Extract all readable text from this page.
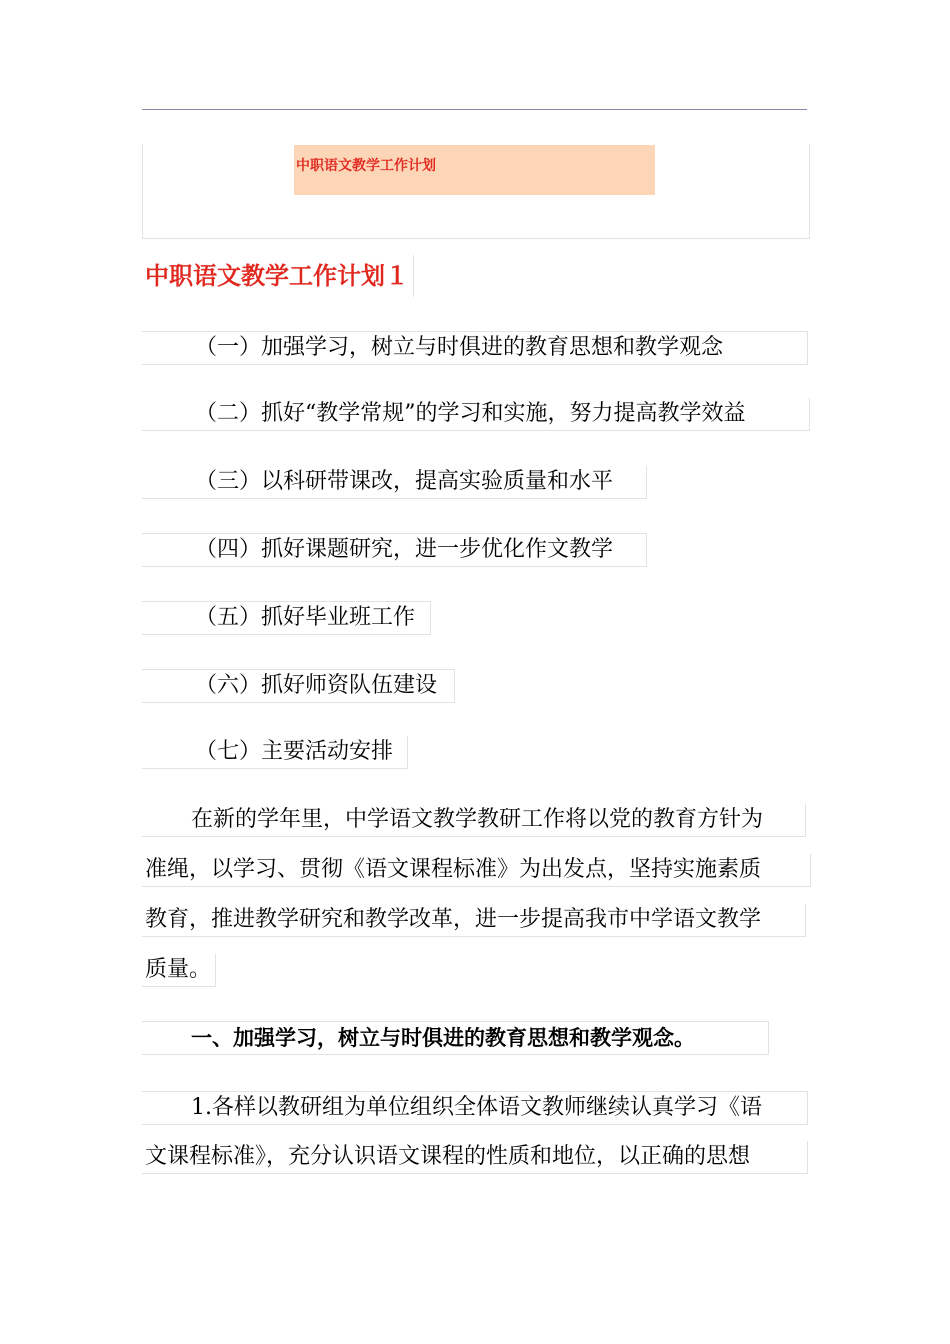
中职语文教学工作计划
中职语文教学工作计划１
（一）加强学习，树立与时俱进的教育思想和教学观念
（二）抓好“教学常规”的学习和实施，努力提高教学效益
（三）以科研带课改，提高实验质量和水平
（四）抓好课题研究，进一步优化作文教学
（五）抓好毕业班工作
（六）抓好师资队伍建设
（七）主要活动安排
在新的学年里，中学语文教学教研工作将以党的教育方针为
准绳，以学习、贯彻《语文课程标准》为出发点，坚持实施素质
教育，推进教学研究和教学改革，进一步提高我市中学语文教学
质量。
一、加强学习，树立与时俱进的教育思想和教学观念。
1.各样以教研组为单位组织全体语文教师继续认真学习《语
文课程标准》，充分认识语文课程的性质和地位，以正确的思想
